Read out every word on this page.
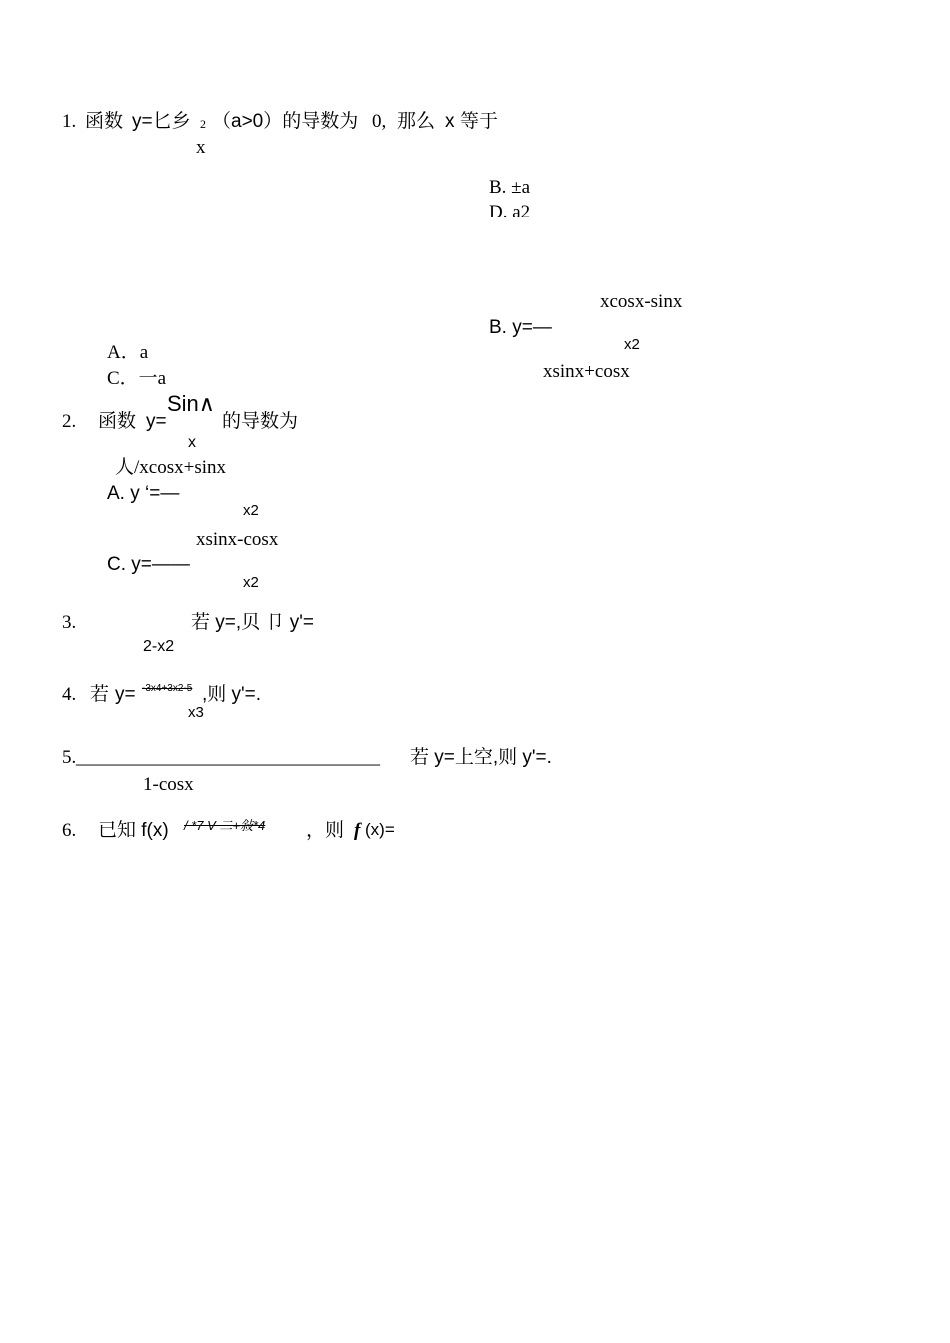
1. 函数 y=匕乡 2 （a>0）的导数为 0, 那么 x 等于
x
B. ±a
D. a2
xcosx-sinx
B. y=—
x2
A．a
xsinx+cosx
C．一a
Sin∧
2. 函数 y=	的导数为
x
人/xcosx+sinx
A. y ‘=—
x2
xsinx-cosx
C. y=——
x2
3.	若 y=,贝 卩 y'=
2-x2
4. 若 y= -3x4+3x2-5 ,则 y'=.
x3
5. ________________________________ 若 y=上空,则 y'=.
1-cosx
6. 已知 f(x) / *7 V 二+敍*4 ，则 f (x)=
